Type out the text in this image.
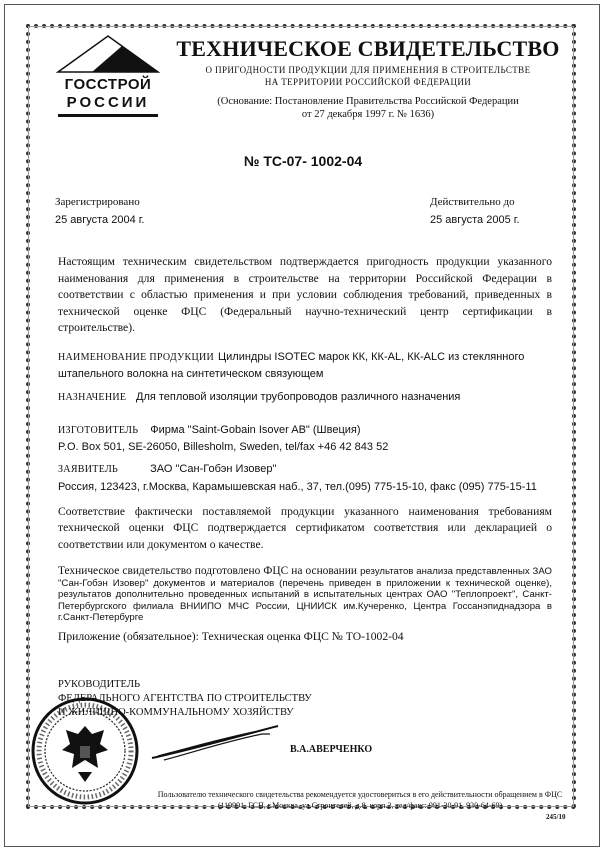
ГОССТРОЙ
РОССИИ
ТЕХНИЧЕСКОЕ СВИДЕТЕЛЬСТВО
О ПРИГОДНОСТИ ПРОДУКЦИИ ДЛЯ ПРИМЕНЕНИЯ В СТРОИТЕЛЬСТВЕ
НА ТЕРРИТОРИИ РОССИЙСКОЙ ФЕДЕРАЦИИ
(Основание: Постановление Правительства Российской Федерации
от 27 декабря 1997 г. № 1636)
№ ТС-07- 1002-04
Зарегистрировано
25 августа 2004 г.
Действительно до
25 августа 2005 г.

Настоящим техническим свидетельством подтверждается пригодность продукции указанного наименования для применения в строительстве на территории Российской Федерации в соответствии с областью применения и при условии соблюдения требований, приведенных в технической оценке ФЦС (Федеральный научно-технический центр сертификации в строительстве).

НАИМЕНОВАНИЕ ПРОДУКЦИИ Цилиндры ISOTEC марок КК, КК-AL, КК-ALC из стеклянного
штапельного волокна на синтетическом связующем
НАЗНАЧЕНИЕ Для тепловой изоляции трубопроводов различного назначения
ИЗГОТОВИТЕЛЬ Фирма "Saint-Gobain Isover AB" (Швеция)
P.O. Box 501, SE-26050, Billesholm, Sweden, tel/fax +46 42 843 52
ЗАЯВИТЕЛЬ	ЗАО "Сан-Гобэн Изовер"
Россия, 123423, г.Москва, Карамышевская наб., 37, тел.(095) 775-15-10, факс (095) 775-15-11

Соответствие фактически поставляемой продукции указанного наименования требованиям технической оценки ФЦС подтверждается сертификатом соответствия или декларацией о соответствии или документом о качестве.

Техническое свидетельство подготовлено ФЦС на основании результатов анализа представленных ЗАО "Сан-Гобэн Изовер" документов и материалов (перечень приведен в приложении к технической оценке), результатов дополнительно проведенных испытаний в испытательных центрах ОАО "Теплопроект", Санкт-Петербургского филиала ВНИИПО МЧС России, ЦНИИСК им.Кучеренко, Центра Госсанэпиднадзора в г.Санкт-Петербурге
Приложение (обязательное): Техническая оценка ФЦС № ТО-1002-04
РУКОВОДИТЕЛЬ
ФЕДЕРАЛЬНОГО АГЕНТСТВА ПО СТРОИТЕЛЬСТВУ
И ЖИЛИЩНО-КОММУНАЛЬНОМУ ХОЗЯЙСТВУ
В.А.АВЕРЧЕНКО
Пользователю технического свидетельства рекомендуется удостовериться в его действительности обращением в ФЦС
(119991, ГСП, г.Москва, ул.Строителей, д.8, корп.2, тел/факс: 991-30-91, 930-64-69)
245/10
